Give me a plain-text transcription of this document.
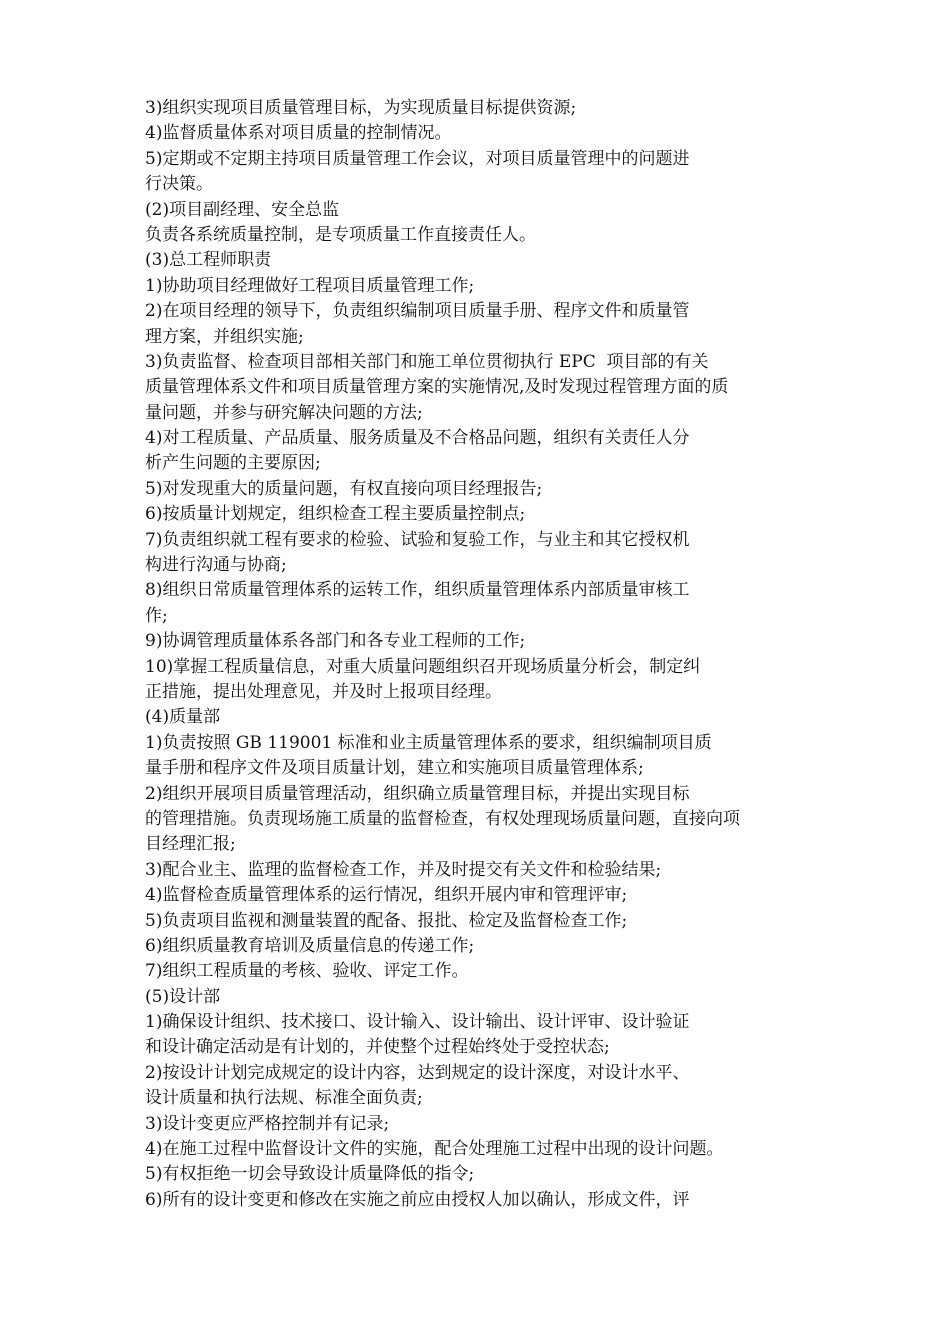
3)组织实现项目质量管理目标，为实现质量目标提供资源;
4)监督质量体系对项目质量的控制情况。
5)定期或不定期主持项目质量管理工作会议，对项目质量管理中的问题进
行决策。
(2)项目副经理、安全总监
负责各系统质量控制，是专项质量工作直接责任人。
(3)总工程师职责
1)协助项目经理做好工程项目质量管理工作;
2)在项目经理的领导下，负责组织编制项目质量手册、程序文件和质量管
理方案，并组织实施;
3)负责监督、检查项目部相关部门和施工单位贯彻执行 EPC  项目部的有关
质量管理体系文件和项目质量管理方案的实施情况,及时发现过程管理方面的质
量问题，并参与研究解决问题的方法;
4)对工程质量、产品质量、服务质量及不合格品问题，组织有关责任人分
析产生问题的主要原因;
5)对发现重大的质量问题，有权直接向项目经理报告;
6)按质量计划规定，组织检查工程主要质量控制点;
7)负责组织就工程有要求的检验、试验和复验工作，与业主和其它授权机
构进行沟通与协商;
8)组织日常质量管理体系的运转工作，组织质量管理体系内部质量审核工
作;
9)协调管理质量体系各部门和各专业工程师的工作;
10)掌握工程质量信息，对重大质量问题组织召开现场质量分析会，制定纠
正措施，提出处理意见，并及时上报项目经理。
(4)质量部
1)负责按照 GB 119001 标准和业主质量管理体系的要求，组织编制项目质
量手册和程序文件及项目质量计划，建立和实施项目质量管理体系;
2)组织开展项目质量管理活动，组织确立质量管理目标，并提出实现目标
的管理措施。负责现场施工质量的监督检查，有权处理现场质量问题，直接向项
目经理汇报;
3)配合业主、监理的监督检查工作，并及时提交有关文件和检验结果;
4)监督检查质量管理体系的运行情况，组织开展内审和管理评审;
5)负责项目监视和测量装置的配备、报批、检定及监督检查工作;
6)组织质量教育培训及质量信息的传递工作;
7)组织工程质量的考核、验收、评定工作。
(5)设计部
1)确保设计组织、技术接口、设计输入、设计输出、设计评审、设计验证
和设计确定活动是有计划的，并使整个过程始终处于受控状态;
2)按设计计划完成规定的设计内容，达到规定的设计深度，对设计水平、
设计质量和执行法规、标准全面负责;
3)设计变更应严格控制并有记录;
4)在施工过程中监督设计文件的实施，配合处理施工过程中出现的设计问题。
5)有权拒绝一切会导致设计质量降低的指令;
6)所有的设计变更和修改在实施之前应由授权人加以确认，形成文件，评
